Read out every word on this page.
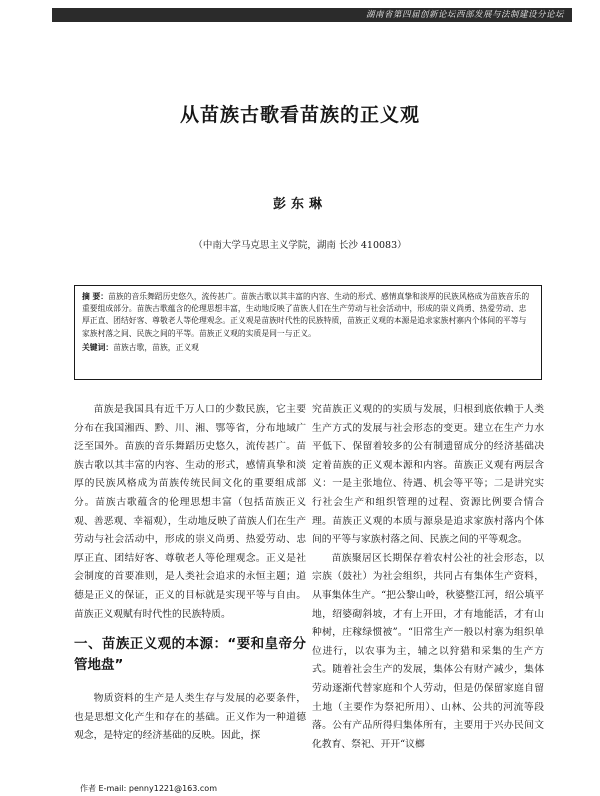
湖南省第四届创新论坛西部发展与法制建设分论坛
从苗族古歌看苗族的正义观
彭东琳
（中南大学马克思主义学院，湖南 长沙 410083）
摘 要：苗族的音乐舞蹈历史悠久，流传甚广。苗族古歌以其丰富的内容、生动的形式、感情真挚和淡厚的民族风格成为苗族音乐的重要组成部分。苗族古歌蕴含的伦理思想丰富，生动地反映了苗族人们在生产劳动与社会活动中，形成的崇义尚勇、热爱劳动、忠厚正直、团结好客、尊敬老人等伦理观念。正义观是苗族时代性的民族特质，苗族正义观的本源是追求家族村寨内个体间的平等与家族村落之间、民族之间的平等。苗族正义观的实质是同一与正义。
关键词：苗族古歌，苗族，正义观

苗族是我国具有近千万人口的少数民族，它主要分布在我国湘西、黔、川、湘、鄂等省，分布地域广泛至国外。苗族的音乐舞蹈历史悠久，流传甚广。苗族古歌以其丰富的内容、生动的形式，感情真挚和淡厚的民族风格成为苗族传统民间文化的重要组成部分。苗族古歌蕴含的伦理思想丰富（包括苗族正义观、善恶观、幸福观），生动地反映了苗族人们在生产劳动与社会活动中，形成的崇义尚勇、热爱劳动、忠厚正直、团结好客、尊敬老人等伦理观念。正义是社会制度的首要准则，是人类社会追求的永恒主题；道德是正义的保证，正义的目标就是实现平等与自由。苗族正义观赋有时代性的民族特质。

一、苗族正义观的本源：“要和皇帝分管地盘”

物质资料的生产是人类生存与发展的必要条件，也是思想文化产生和存在的基础。正义作为一种道德观念，是特定的经济基础的反映。因此，探

究苗族正义观的的实质与发展，归根到底依赖于人类生产方式的发展与社会形态的变更。建立在生产力水平低下、保留着较多的公有制遗留成分的经济基础决定着苗族的正义观本源和内容。苗族正义观有两层含义：一是主张地位、待遇、机会等平等；二是讲究实行社会生产和组织管理的过程、资源比例要合情合理。苗族正义观的本质与源泉是追求家族村落内个体间的平等与家族村落之间、民族之间的平等观念。

苗族聚居区长期保存着农村公社的社会形态，以宗族（鼓社）为社会组织，共同占有集体生产资料，从事集体生产。“把公黎山岭，秋婆整江河，绍公填平地，绍婆砌斜坡，才有上开田，才有地能活，才有山种树，庄稼绿惯被”。“旧常生产一般以村寨为组织单位进行，以农事为主，辅之以狩猎和采集的生产方式。随着社会生产的发展，集体公有财产减少，集体劳动逐渐代替家庭和个人劳动，但是仍保留家庭自留土地（主要作为祭祀所用）、山林、公共的河流等段落。公有产品所得归集体所有，主要用于兴办民间文化教育、祭祀、开开“议榔

作者 E-mail: penny1221@163.com
